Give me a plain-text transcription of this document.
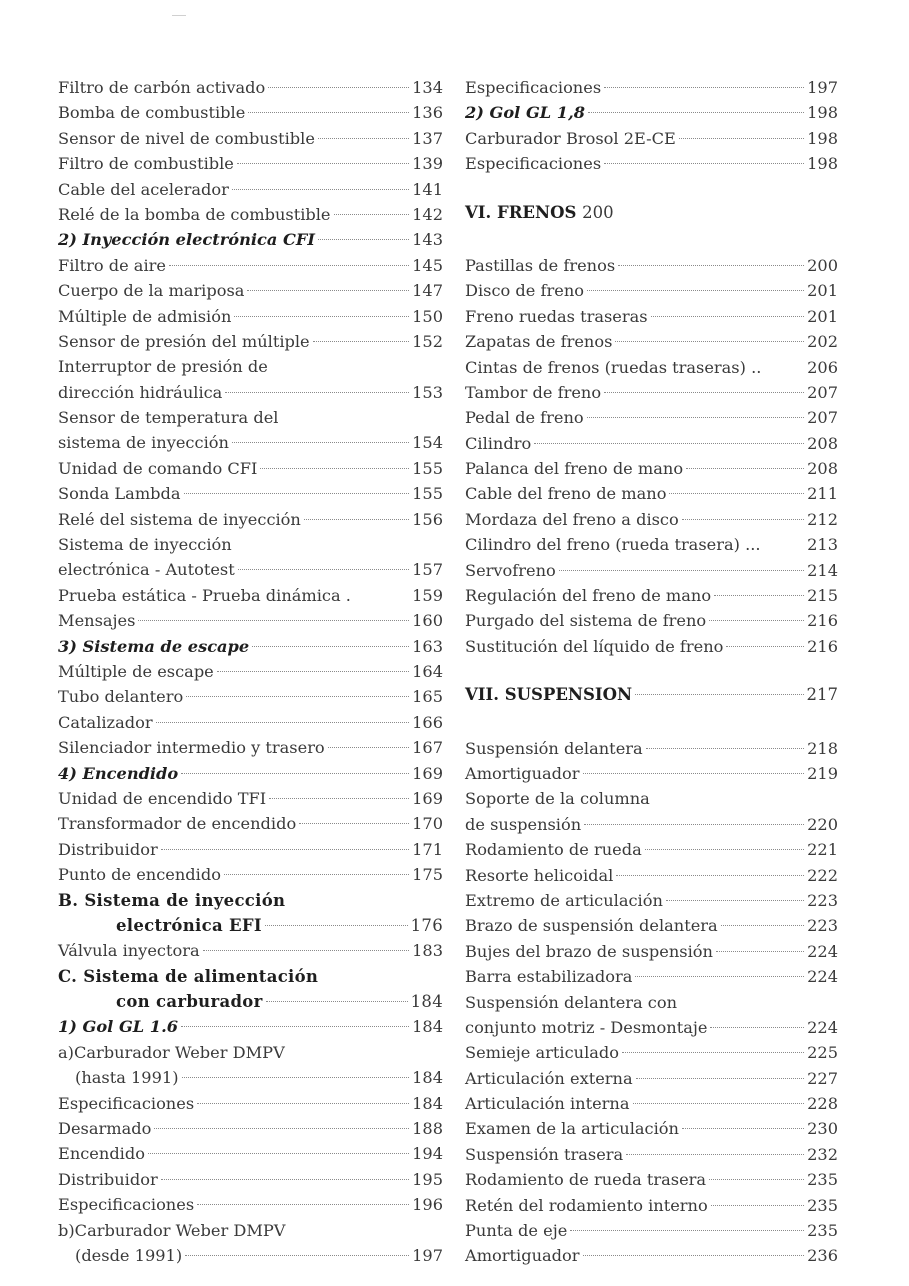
Filtro de carbón activado	134
Bomba de combustible	136
Sensor de nivel de combustible	137
Filtro de combustible	139
Cable del acelerador	141
Relé de la bomba de combustible	142
2) Inyección electrónica CFI	143
Filtro de aire	145
Cuerpo de la mariposa	147
Múltiple de admisión	150
Sensor de presión del múltiple	152
Interruptor de presión de
dirección hidráulica	153
Sensor de temperatura del
sistema de inyección	154
Unidad de comando CFI	155
Sonda Lambda	155
Relé del sistema de inyección	156
Sistema de inyección
electrónica - Autotest	157
Prueba estática - Prueba dinámica .	159
Mensajes	160
3) Sistema de escape	163
Múltiple de escape	164
Tubo delantero	165
Catalizador	166
Silenciador intermedio y trasero	167
4) Encendido	169
Unidad de encendido TFI	169
Transformador de encendido	170
Distribuidor	171
Punto de encendido	175
B. Sistema de inyección
electrónica EFI	176
Válvula inyectora	183
C. Sistema de alimentación
con carburador	184
1) Gol GL 1.6	184
a)Carburador Weber DMPV
(hasta 1991)	184
Especificaciones	184
Desarmado	188
Encendido	194
Distribuidor	195
Especificaciones	196
b)Carburador Weber DMPV
(desde 1991)	197
Especificaciones	197
2) Gol GL 1,8	198
Carburador Brosol 2E-CE	198
Especificaciones	198
VI. FRENOS 200
Pastillas de frenos	200
Disco de freno	201
Freno ruedas traseras	201
Zapatas de frenos	202
Cintas de frenos (ruedas traseras) ..	206
Tambor de freno	207
Pedal de freno	207
Cilindro	208
Palanca del freno de mano	208
Cable del freno de mano	211
Mordaza del freno a disco	212
Cilindro del freno (rueda trasera) ...	213
Servofreno	214
Regulación del freno de mano	215
Purgado del sistema de freno	216
Sustitución del líquido de freno	216
VII. SUSPENSION	217
Suspensión delantera	218
Amortiguador	219
Soporte de la columna
de suspensión	220
Rodamiento de rueda	221
Resorte helicoidal	222
Extremo de articulación	223
Brazo de suspensión delantera	223
Bujes del brazo de suspensión	224
Barra estabilizadora	224
Suspensión delantera con
conjunto motriz - Desmontaje	224
Semieje articulado	225
Articulación externa	227
Articulación interna	228
Examen de la articulación	230
Suspensión trasera	232
Rodamiento de rueda trasera	235
Retén del rodamiento interno	235
Punta de eje	235
Amortiguador	236
